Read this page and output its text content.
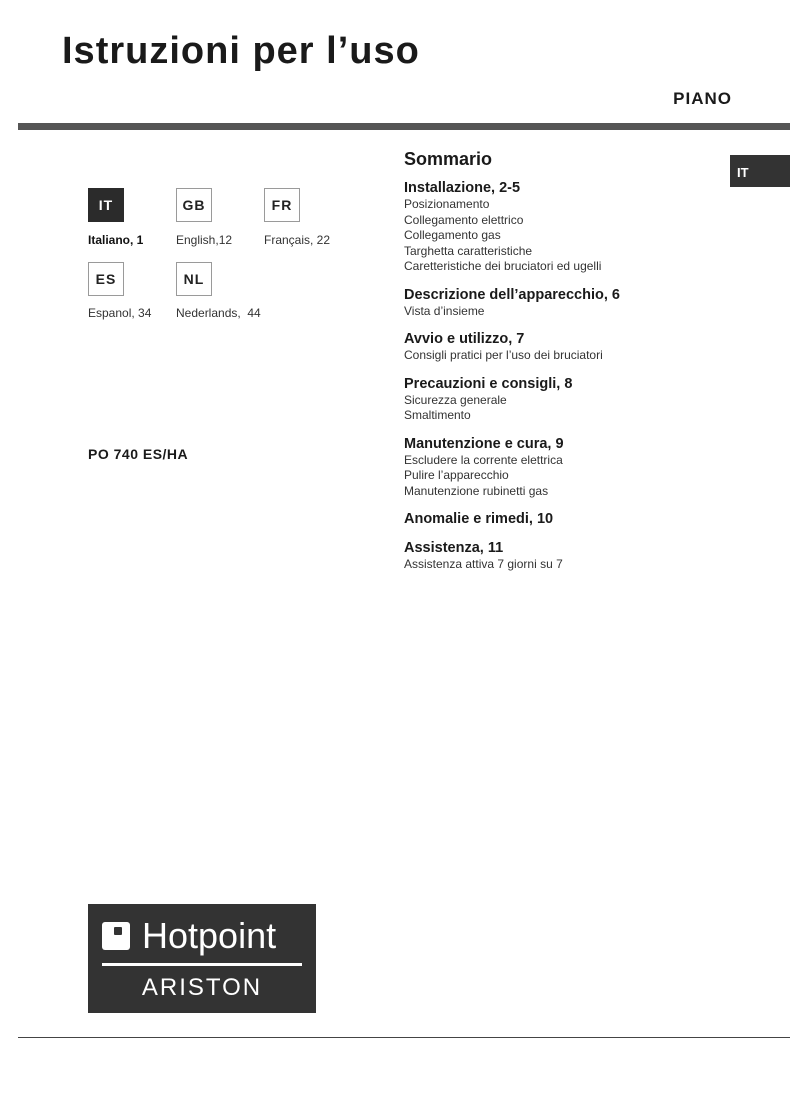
Istruzioni per l’uso
PIANO
IT
IT
Italiano, 1
GB
English,12
FR
Français, 22
ES
Espanol, 34
NL
Nederlands,  44
PO 740 ES/HA
Sommario
Installazione, 2-5
Posizionamento
Collegamento elettrico
Collegamento gas
Targhetta caratteristiche
Caretteristiche dei bruciatori ed ugelli
Descrizione dell’apparecchio, 6
Vista d’insieme
Avvio e utilizzo, 7
Consigli pratici per l’uso dei bruciatori
Precauzioni e consigli, 8
Sicurezza generale
Smaltimento
Manutenzione e cura, 9
Escludere la corrente elettrica
Pulire l’apparecchio
Manutenzione rubinetti gas
Anomalie e rimedi, 10
Assistenza, 11
Assistenza attiva 7 giorni su 7
Hotpoint
ARISTON
